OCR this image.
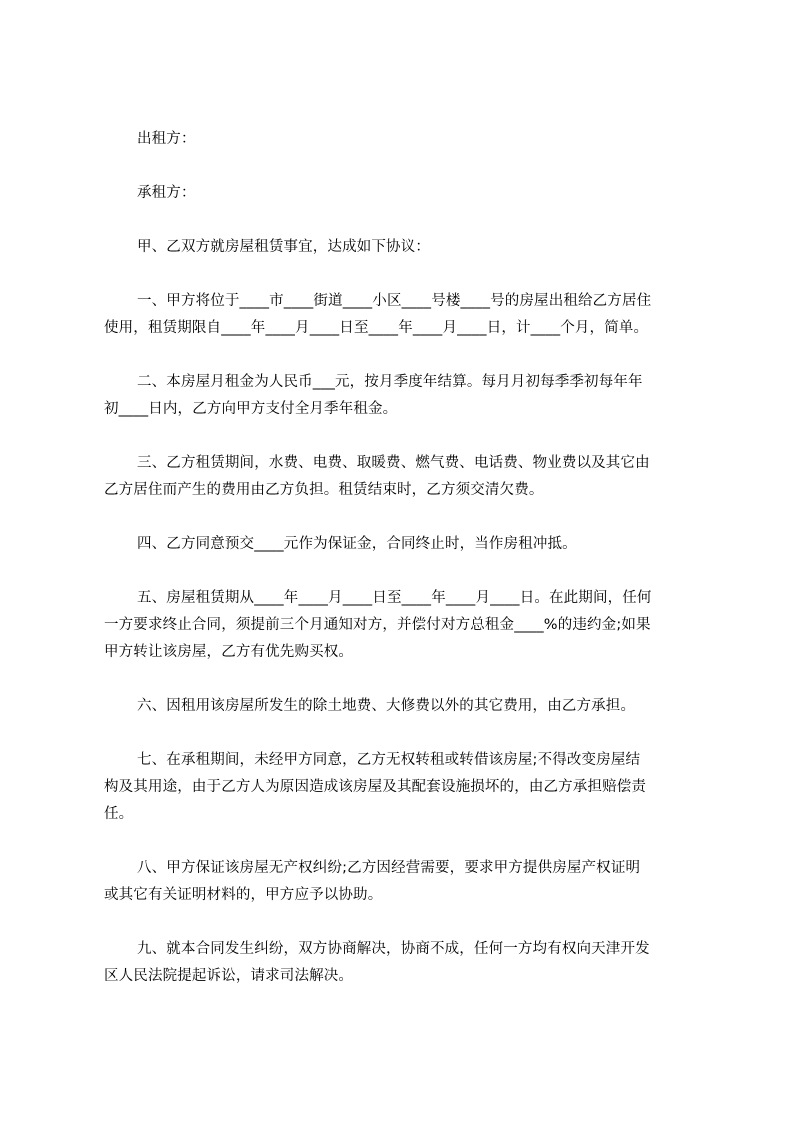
出租方：
承租方：
甲、乙双方就房屋租赁事宜，达成如下协议：
一、甲方将位于____市____街道____小区____号楼____号的房屋出租给乙方居住
使用，租赁期限自____年____月____日至____年____月____日，计____个月，简单。
二、本房屋月租金为人民币___元，按月季度年结算。每月月初每季季初每年年
初____日内，乙方向甲方支付全月季年租金。
三、乙方租赁期间，水费、电费、取暖费、燃气费、电话费、物业费以及其它由
乙方居住而产生的费用由乙方负担。租赁结束时，乙方须交清欠费。
四、乙方同意预交____元作为保证金，合同终止时，当作房租冲抵。
五、房屋租赁期从____年____月____日至____年____月____日。在此期间，任何
一方要求终止合同，须提前三个月通知对方，并偿付对方总租金____%的违约金;如果
甲方转让该房屋，乙方有优先购买权。
六、因租用该房屋所发生的除土地费、大修费以外的其它费用，由乙方承担。
七、在承租期间，未经甲方同意，乙方无权转租或转借该房屋;不得改变房屋结
构及其用途，由于乙方人为原因造成该房屋及其配套设施损坏的，由乙方承担赔偿责
任。
八、甲方保证该房屋无产权纠纷;乙方因经营需要，要求甲方提供房屋产权证明
或其它有关证明材料的，甲方应予以协助。
九、就本合同发生纠纷，双方协商解决，协商不成，任何一方均有权向天津开发
区人民法院提起诉讼，请求司法解决。
